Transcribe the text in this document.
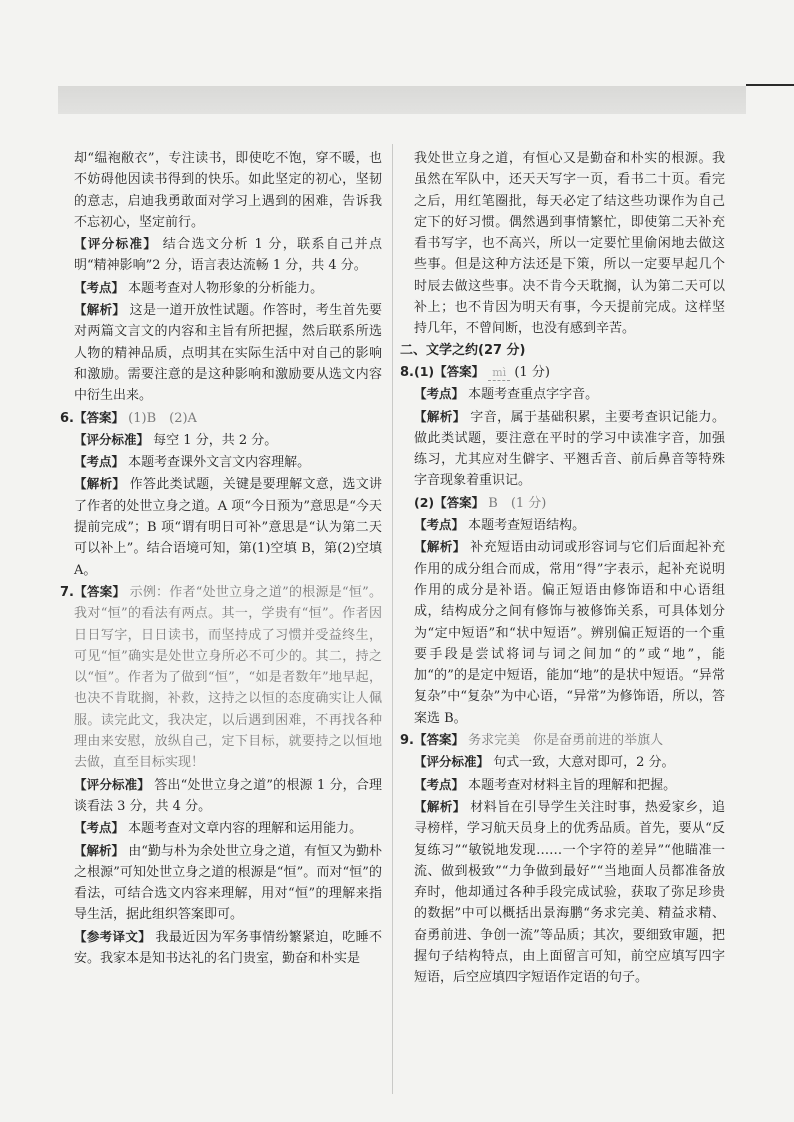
却“缊袍敝衣”，专注读书，即使吃不饱，穿不暖，也不妨碍他因读书得到的快乐。如此坚定的初心，坚韧的意志，启迪我勇敢面对学习上遇到的困难，告诉我不忘初心，坚定前行。

【评分标准】 结合选文分析 1 分，联系自己并点明“精神影响”2 分，语言表达流畅 1 分，共 4 分。

【考点】 本题考查对人物形象的分析能力。

【解析】 这是一道开放性试题。作答时，考生首先要对两篇文言文的内容和主旨有所把握，然后联系所选人物的精神品质，点明其在实际生活中对自己的影响和激励。需要注意的是这种影响和激励要从选文内容中衍生出来。

6.【答案】 (1)B　(2)A

【评分标准】 每空 1 分，共 2 分。

【考点】 本题考查课外文言文内容理解。

【解析】 作答此类试题，关键是要理解文意，选文讲了作者的处世立身之道。A 项“今日预为”意思是“今天提前完成”；B 项“谓有明日可补”意思是“认为第二天可以补上”。结合语境可知，第(1)空填 B，第(2)空填 A。

7.【答案】 示例：作者“处世立身之道”的根源是“恒”。我对“恒”的看法有两点。其一，学贵有“恒”。作者因日日写字，日日读书，而坚持成了习惯并受益终生，可见“恒”确实是处世立身所必不可少的。其二，持之以“恒”。作者为了做到“恒”，“如是者数年”地早起，也决不肯耽搁，补救，这持之以恒的态度确实让人佩服。读完此文，我决定，以后遇到困难，不再找各种理由来安慰，放纵自己，定下目标，就要持之以恒地去做，直至目标实现！

【评分标准】 答出“处世立身之道”的根源 1 分，合理谈看法 3 分，共 4 分。

【考点】 本题考查对文章内容的理解和运用能力。

【解析】 由“勤与朴为余处世立身之道，有恒又为勤朴之根源”可知处世立身之道的根源是“恒”。而对“恒”的看法，可结合选文内容来理解，用对“恒”的理解来指导生活，据此组织答案即可。

【参考译文】 我最近因为军务事情纷繁紧迫，吃睡不安。我家本是知书达礼的名门贵室，勤奋和朴实是

我处世立身之道，有恒心又是勤奋和朴实的根源。我虽然在军队中，还天天写字一页，看书二十页。看完之后，用红笔圈批，每天必定了结这些功课作为自己定下的好习惯。偶然遇到事情繁忙，即使第二天补充看书写字，也不高兴，所以一定要忙里偷闲地去做这些事。但是这种方法还是下策，所以一定要早起几个时辰去做这些事。决不肯今天耽搁，认为第二天可以补上；也不肯因为明天有事，今天提前完成。这样坚持几年，不曾间断，也没有感到辛苦。

二、文学之约(27 分)

8.(1)【答案】 mì (1 分)

【考点】 本题考查重点字字音。

【解析】 字音，属于基础积累，主要考查识记能力。做此类试题，要注意在平时的学习中读准字音，加强练习，尤其应对生僻字、平翘舌音、前后鼻音等特殊字音现象着重识记。

(2)【答案】 B　(1 分)

【考点】 本题考查短语结构。

【解析】 补充短语由动词或形容词与它们后面起补充作用的成分组合而成，常用“得”字表示，起补充说明作用的成分是补语。偏正短语由修饰语和中心语组成，结构成分之间有修饰与被修饰关系，可具体划分为“定中短语”和“状中短语”。辨别偏正短语的一个重要手段是尝试将词与词之间加“的”或“地”，能加“的”的是定中短语，能加“地”的是状中短语。“异常复杂”中“复杂”为中心语，“异常”为修饰语，所以，答案选 B。

9.【答案】 务求完美　你是奋勇前进的举旗人

【评分标准】 句式一致，大意对即可，2 分。

【考点】 本题考查对材料主旨的理解和把握。

【解析】 材料旨在引导学生关注时事，热爱家乡，追寻榜样，学习航天员身上的优秀品质。首先，要从“反复练习”“敏锐地发现……一个字符的差异”“他瞄准一流、做到极致”“力争做到最好”“当地面人员都准备放弃时，他却通过各种手段完成试验，获取了弥足珍贵的数据”中可以概括出景海鹏“务求完美、精益求精、奋勇前进、争创一流”等品质；其次，要细致审题，把握句子结构特点，由上面留言可知，前空应填写四字短语，后空应填四字短语作定语的句子。
